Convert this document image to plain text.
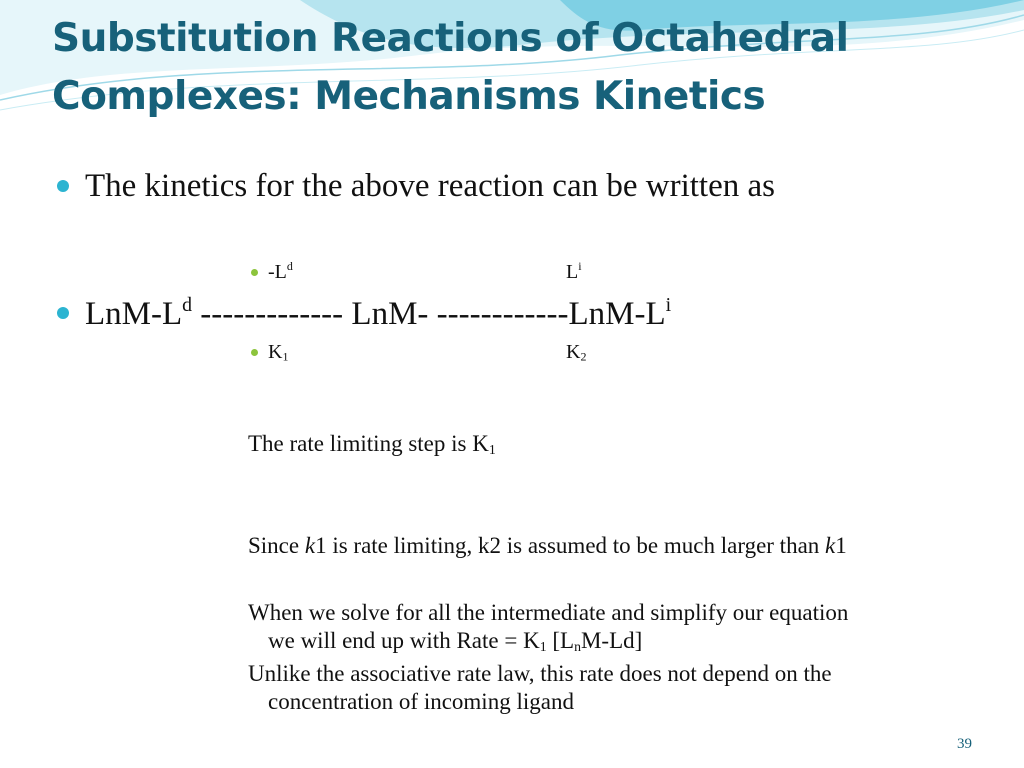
Substitution Reactions of Octahedral
Complexes: Mechanisms Kinetics
The kinetics for the above reaction can be written as
$-L^d$	$L^i$
LnM-$L^d$ ------------- LnM- $------------LnM-L^i$
$K_1$	$K_2$
The rate limiting step is $K_1$
Since k1 is rate limiting, k2 is assumed to be much larger than k1
When we solve for all the intermediate and simplify our equation
we will end up with Rate = $K_1$ $[L_nM-Ld]$
Unlike the associative rate law, this rate does not depend on the
concentration of incoming ligand
39
